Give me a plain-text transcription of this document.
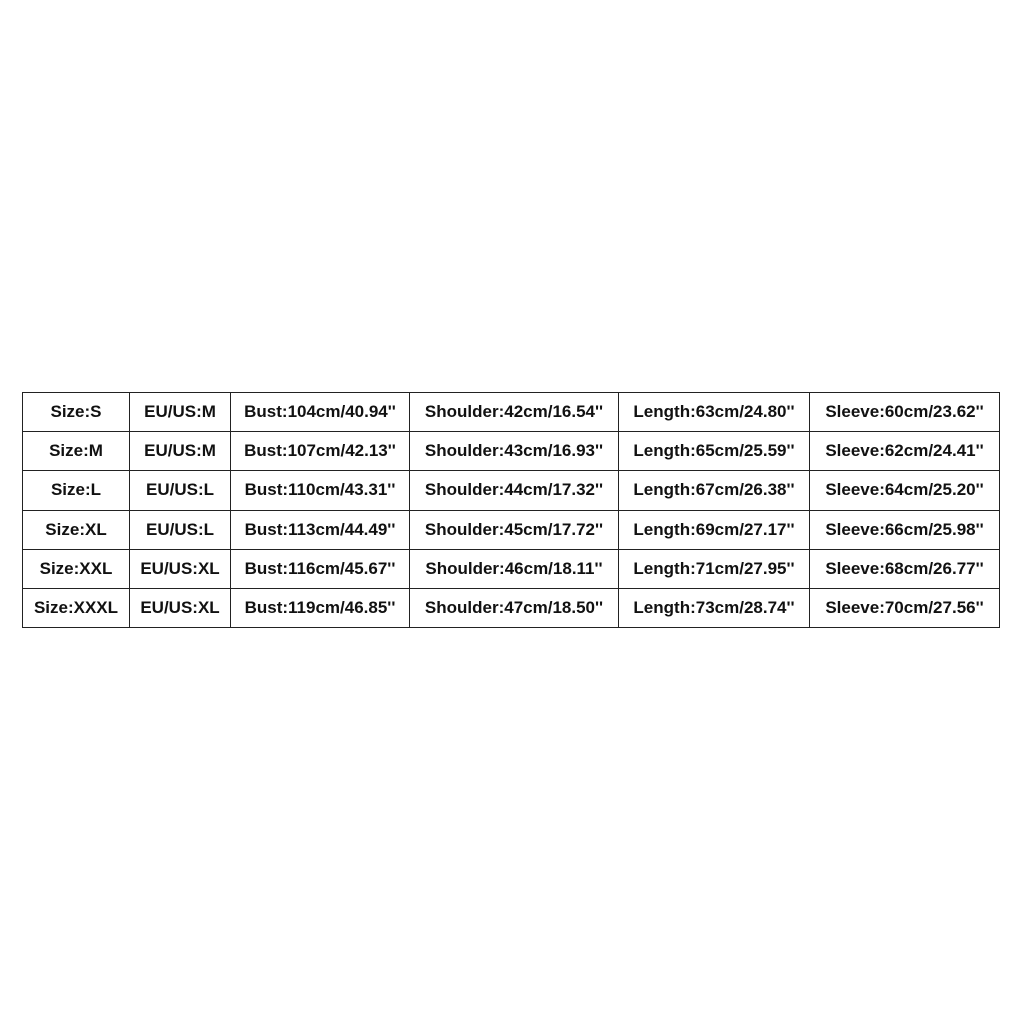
Size:S	EU/US:M	Bust:104cm/40.94''	Shoulder:42cm/16.54''	Length:63cm/24.80''	Sleeve:60cm/23.62''
Size:M	EU/US:M	Bust:107cm/42.13''	Shoulder:43cm/16.93''	Length:65cm/25.59''	Sleeve:62cm/24.41''
Size:L	EU/US:L	Bust:110cm/43.31''	Shoulder:44cm/17.32''	Length:67cm/26.38''	Sleeve:64cm/25.20''
Size:XL	EU/US:L	Bust:113cm/44.49''	Shoulder:45cm/17.72''	Length:69cm/27.17''	Sleeve:66cm/25.98''
Size:XXL	EU/US:XL	Bust:116cm/45.67''	Shoulder:46cm/18.11''	Length:71cm/27.95''	Sleeve:68cm/26.77''
Size:XXXL	EU/US:XL	Bust:119cm/46.85''	Shoulder:47cm/18.50''	Length:73cm/28.74''	Sleeve:70cm/27.56''
